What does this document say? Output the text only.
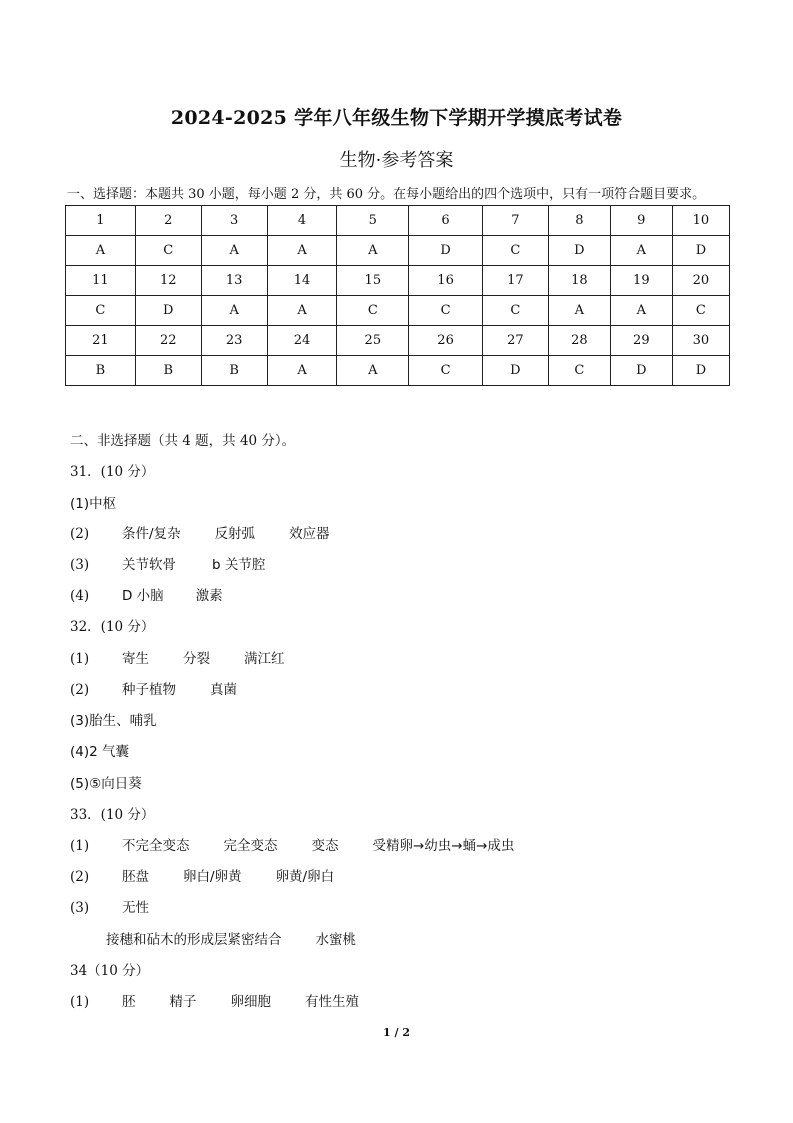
2024-2025 学年八年级生物下学期开学摸底考试卷
生物·参考答案
一、选择题：本题共 30 小题，每小题 2 分，共 60 分。在每小题给出的四个选项中，只有一项符合题目要求。
1	2	3	4	5	6	7	8	9	10
A	C	A	A	A	D	C	D	A	D
11	12	13	14	15	16	17	18	19	20
C	D	A	A	C	C	C	A	A	C
21	22	23	24	25	26	27	28	29	30
B	B	B	A	A	C	D	C	D	D
二、非选择题（共 4 题，共 40 分）。
31．(10 分）
(1)中枢
(2) 条件/复杂	反射弧	效应器
(3) 关节软骨	b 关节腔
(4) D 小脑 激素
32．(10 分）
(1) 寄生	分裂	满江红
(2) 种子植物	真菌
(3)胎生、哺乳
(4)2 气囊
(5)⑤向日葵
33．(10 分）
(1) 不完全变态	完全变态	变态	受精卵→幼虫→蛹→成虫
(2) 胚盘	卵白/卵黄	卵黄/卵白
(3) 无性
接穗和砧木的形成层紧密结合	水蜜桃
34（10 分）
(1) 胚	精子	卵细胞	有性生殖
1 / 2
